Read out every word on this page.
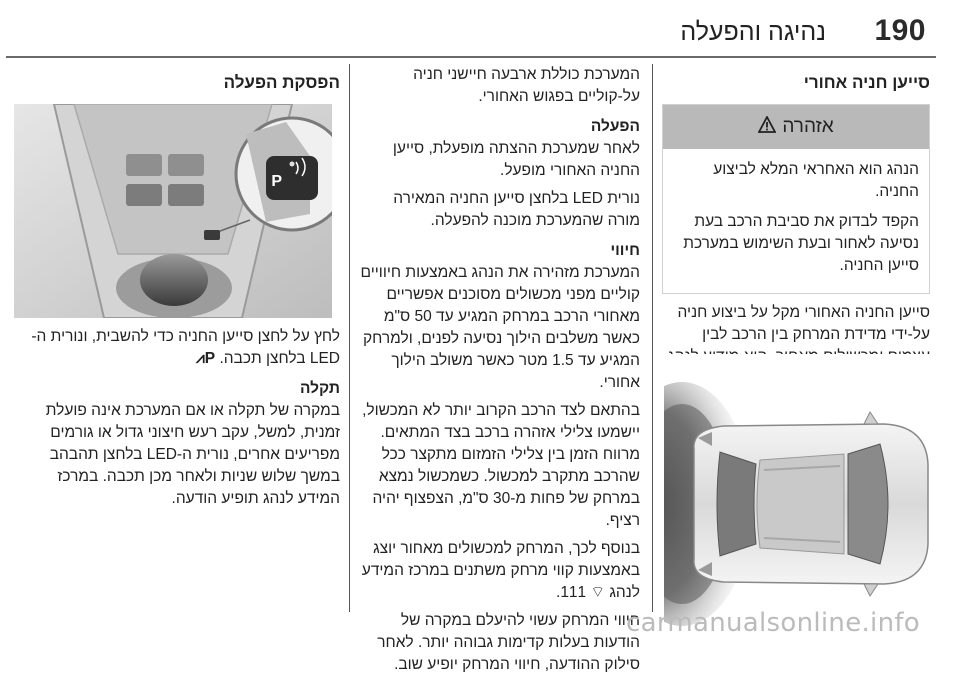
נהיגה והפעלה 190
סייען חניה אחורי
אזהרה

הנהג הוא האחראי המלא לביצוע החניה.

הקפד לבדוק את סביבת הרכב בעת נסיעה לאחור ובעת השימוש במערכת סייען החניה.

סייען החניה האחורי מקל על ביצוע חניה על-ידי מדידת המרחק בין הרכב לבין

המערכת כוללת ארבעה חיישני חניה על-קוליים בפגוש האחורי.

הפעלה

לאחר שמערכת ההצתה מופעלת, סייען החניה האחורי מופעל.

נורית LED בלחצן סייען החניה המאירה מורה שהמערכת מוכנה להפעלה.

חיווי

המערכת מזהירה את הנהג באמצעות חיוויים קוליים מפני מכשולים מסוכנים אפשריים מאחורי הרכב במרחק המגיע עד 50 ס"מ כאשר משלבים הילוך נסיעה לפנים, ולמרחק המגיע עד 1.5 מטר כאשר משולב הילוך אחורי.

בהתאם לצד הרכב הקרוב יותר לא המכשול, יישמעו צלילי אזהרה ברכב בצד המתאים. מרווח הזמן בין צלילי הזמזום מתקצר ככל שהרכב מתקרב למכשול. כשמכשול נמצא במרחק של פחות מ-30 ס"מ, הצפצוף יהיה רציף.

בנוסף לכך, המרחק למכשולים מאחור יוצג באמצעות קווי מרחק משתנים במרכז המידע לנהג ⌔ 111.

חיווי המרחק עשוי להיעלם במקרה של הודעות בעלות קדימות גבוהה יותר. לאחר סילוק ההודעה, חיווי המרחק יופיע שוב.

הפסקת הפעלה
P

לחץ על לחצן סייען החניה כדי להשבית, ונורית ה-LED בלחצן תכבה. P⩘

תקלה

במקרה של תקלה או אם המערכת אינה פועלת זמנית, למשל, עקב רעש חיצוני גדול או גורמים מפריעים אחרים, נורית ה-LED בלחצן תהבהב במשך שלוש שניות ולאחר מכן תכבה. במרכז המידע לנהג תופיע הודעה.

carmanualsonline.info
